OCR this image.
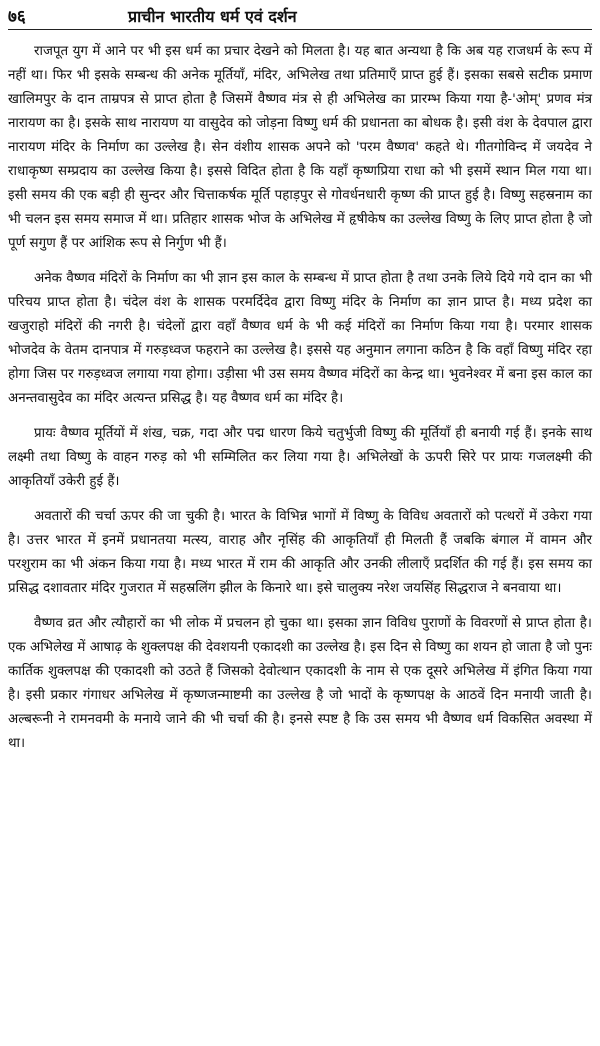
७६	प्राचीन भारतीय धर्म एवं दर्शन

राजपूत युग में आने पर भी इस धर्म का प्रचार देखने को मिलता है। यह बात अन्यथा है कि अब यह राजधर्म के रूप में नहीं था। फिर भी इसके सम्बन्ध की अनेक मूर्तियाँ, मंदिर, अभिलेख तथा प्रतिमाएँ प्राप्त हुई हैं। इसका सबसे सटीक प्रमाण खालिमपुर के दान ताम्रपत्र से प्राप्त होता है जिसमें वैष्णव मंत्र से ही अभिलेख का प्रारम्भ किया गया है-'ओम्' प्रणव मंत्र नारायण का है। इसके साथ नारायण या वासुदेव को जोड़ना विष्णु धर्म की प्रधानता का बोधक है। इसी वंश के देवपाल द्वारा नारायण मंदिर के निर्माण का उल्लेख है। सेन वंशीय शासक अपने को 'परम वैष्णव' कहते थे। गीतगोविन्द में जयदेव ने राधाकृष्ण सम्प्रदाय का उल्लेख किया है। इससे विदित होता है कि यहाँ कृष्णप्रिया राधा को भी इसमें स्थान मिल गया था। इसी समय की एक बड़ी ही सुन्दर और चित्ताकर्षक मूर्ति पहाड़पुर से गोवर्धनधारी कृष्ण की प्राप्त हुई है। विष्णु सहस्रनाम का भी चलन इस समय समाज में था। प्रतिहार शासक भोज के अभिलेख में हृषीकेष का उल्लेख विष्णु के लिए प्राप्त होता है जो पूर्ण सगुण हैं पर आंशिक रूप से निर्गुण भी हैं।

अनेक वैष्णव मंदिरों के निर्माण का भी ज्ञान इस काल के सम्बन्ध में प्राप्त होता है तथा उनके लिये दिये गये दान का भी परिचय प्राप्त होता है। चंदेल वंश के शासक परमर्दिदेव द्वारा विष्णु मंदिर के निर्माण का ज्ञान प्राप्त है। मध्य प्रदेश का खजुराहो मंदिरों की नगरी है। चंदेलों द्वारा वहाँ वैष्णव धर्म के भी कई मंदिरों का निर्माण किया गया है। परमार शासक भोजदेव के वेतम दानपात्र में गरुड़ध्वज फहराने का उल्लेख है। इससे यह अनुमान लगाना कठिन है कि वहाँ विष्णु मंदिर रहा होगा जिस पर गरुड़ध्वज लगाया गया होगा। उड़ीसा भी उस समय वैष्णव मंदिरों का केन्द्र था। भुवनेश्वर में बना इस काल का अनन्तवासुदेव का मंदिर अत्यन्त प्रसिद्ध है। यह वैष्णव धर्म का मंदिर है।

प्रायः वैष्णव मूर्तियों में शंख, चक्र, गदा और पद्म धारण किये चतुर्भुजी विष्णु की मूर्तियाँ ही बनायी गई हैं। इनके साथ लक्ष्मी तथा विष्णु के वाहन गरुड़ को भी सम्मिलित कर लिया गया है। अभिलेखों के ऊपरी सिरे पर प्रायः गजलक्ष्मी की आकृतियाँ उकेरी हुई हैं।

अवतारों की चर्चा ऊपर की जा चुकी है। भारत के विभिन्न भागों में विष्णु के विविध अवतारों को पत्थरों में उकेरा गया है। उत्तर भारत में इनमें प्रधानतया मत्स्य, वाराह और नृसिंह की आकृतियाँ ही मिलती हैं जबकि बंगाल में वामन और परशुराम का भी अंकन किया गया है। मध्य भारत में राम की आकृति और उनकी लीलाएँ प्रदर्शित की गई हैं। इस समय का प्रसिद्ध दशावतार मंदिर गुजरात में सहस्रलिंग झील के किनारे था। इसे चालुक्य नरेश जयसिंह सिद्धराज ने बनवाया था।

वैष्णव व्रत और त्यौहारों का भी लोक में प्रचलन हो चुका था। इसका ज्ञान विविध पुराणों के विवरणों से प्राप्त होता है। एक अभिलेख में आषाढ़ के शुक्लपक्ष की देवशयनी एकादशी का उल्लेख है। इस दिन से विष्णु का शयन हो जाता है जो पुनः कार्तिक शुक्लपक्ष की एकादशी को उठते हैं जिसको देवोत्थान एकादशी के नाम से एक दूसरे अभिलेख में इंगित किया गया है। इसी प्रकार गंगाधर अभिलेख में कृष्णजन्माष्टमी का उल्लेख है जो भादों के कृष्णपक्ष के आठवें दिन मनायी जाती है। अल्बरूनी ने रामनवमी के मनाये जाने की भी चर्चा की है। इनसे स्पष्ट है कि उस समय भी वैष्णव धर्म विकसित अवस्था में था।
